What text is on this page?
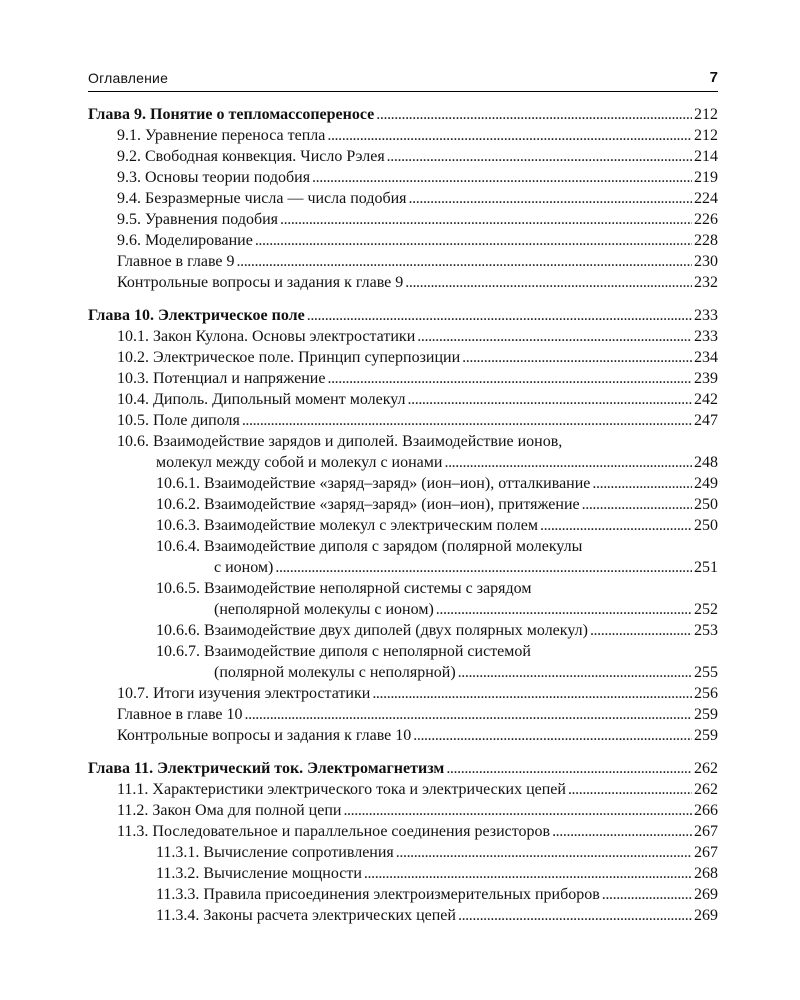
Оглавление	7
Глава 9. Понятие о тепломассопереносе . . .	212
9.1. Уравнение переноса тепла . . .	212
9.2. Свободная конвекция. Число Рэлея . . .	214
9.3. Основы теории подобия . . .	219
9.4. Безразмерные числа — числа подобия . . .	224
9.5. Уравнения подобия . . .	226
9.6. Моделирование . . .	228
Главное в главе 9 . . .	230
Контрольные вопросы и задания к главе 9 . . .	232
Глава 10. Электрическое поле . . .	233
10.1. Закон Кулона. Основы электростатики . . .	233
10.2. Электрическое поле. Принцип суперпозиции . . .	234
10.3. Потенциал и напряжение . . .	239
10.4. Диполь. Дипольный момент молекул . . .	242
10.5. Поле диполя . . .	247
10.6. Взаимодействие зарядов и диполей. Взаимодействие ионов,
молекул между собой и молекул с ионами . . .	248
10.6.1. Взаимодействие «заряд–заряд» (ион–ион), отталкивание . . .	249
10.6.2. Взаимодействие «заряд–заряд» (ион–ион), притяжение . . .	250
10.6.3. Взаимодействие молекул с электрическим полем . . .	250
10.6.4. Взаимодействие диполя с зарядом (полярной молекулы
с ионом) . . .	251
10.6.5. Взаимодействие неполярной системы с зарядом
(неполярной молекулы с ионом) . . .	252
10.6.6. Взаимодействие двух диполей (двух полярных молекул) . . .	253
10.6.7. Взаимодействие диполя с неполярной системой
(полярной молекулы с неполярной) . . .	255
10.7. Итоги изучения электростатики . . .	256
Главное в главе 10 . . .	259
Контрольные вопросы и задания к главе 10 . . .	259
Глава 11. Электрический ток. Электромагнетизм . . .	262
11.1. Характеристики электрического тока и электрических цепей . . .	262
11.2. Закон Ома для полной цепи . . .	266
11.3. Последовательное и параллельное соединения резисторов . . .	267
11.3.1. Вычисление сопротивления . . .	267
11.3.2. Вычисление мощности . . .	268
11.3.3. Правила присоединения электроизмерительных приборов . . .	269
11.3.4. Законы расчета электрических цепей . . .	269
